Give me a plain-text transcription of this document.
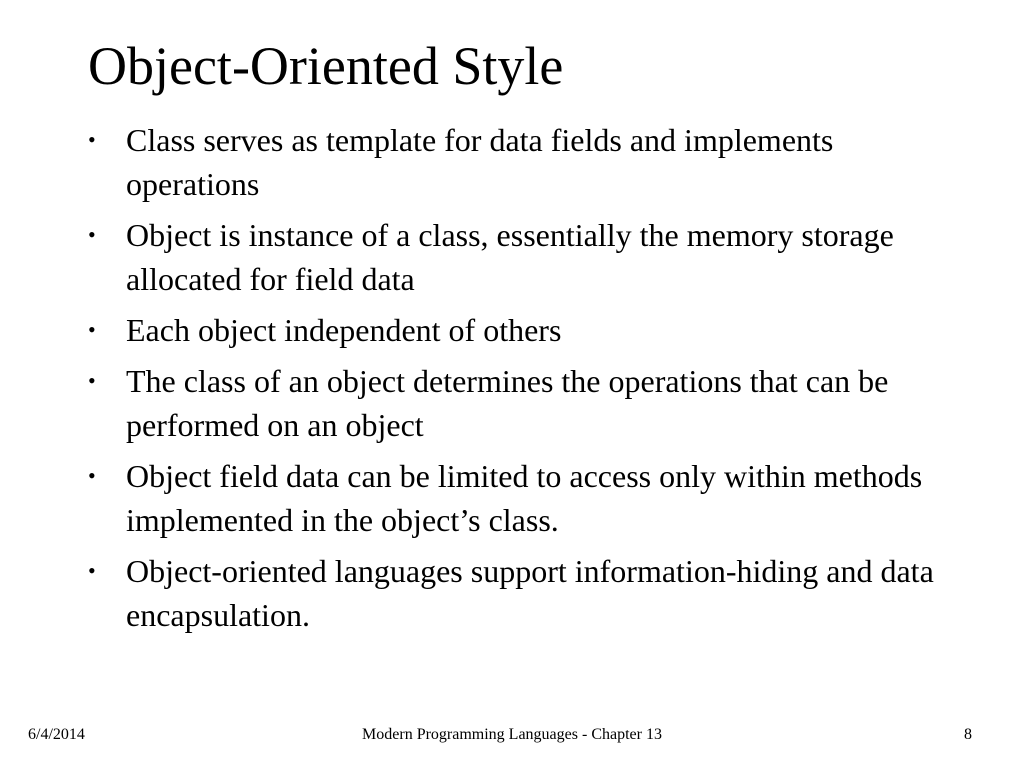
Object-Oriented Style
• Class serves as template for data fields and implements operations
• Object is instance of a class, essentially the memory storage allocated for field data
• Each object independent of others
• The class of an object determines the operations that can be performed on an object
• Object field data can be limited to access only within methods implemented in the object’s class.
• Object-oriented languages support information-hiding and data encapsulation.
6/4/2014	Modern Programming Languages - Chapter 13	8
